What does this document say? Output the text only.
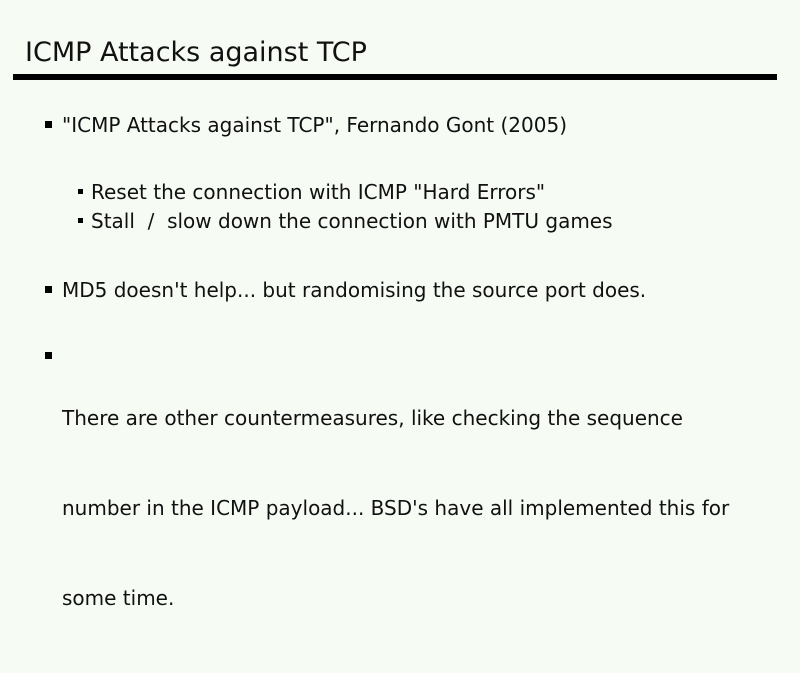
ICMP Attacks against TCP
"ICMP Attacks against TCP", Fernando Gont (2005)
Reset the connection with ICMP "Hard Errors"
Stall  /  slow down the connection with PMTU games
MD5 doesn't help... but randomising the source port does.

There are other countermeasures, like checking the sequence

number in the ICMP payload... BSD's have all implemented this for

some time.
